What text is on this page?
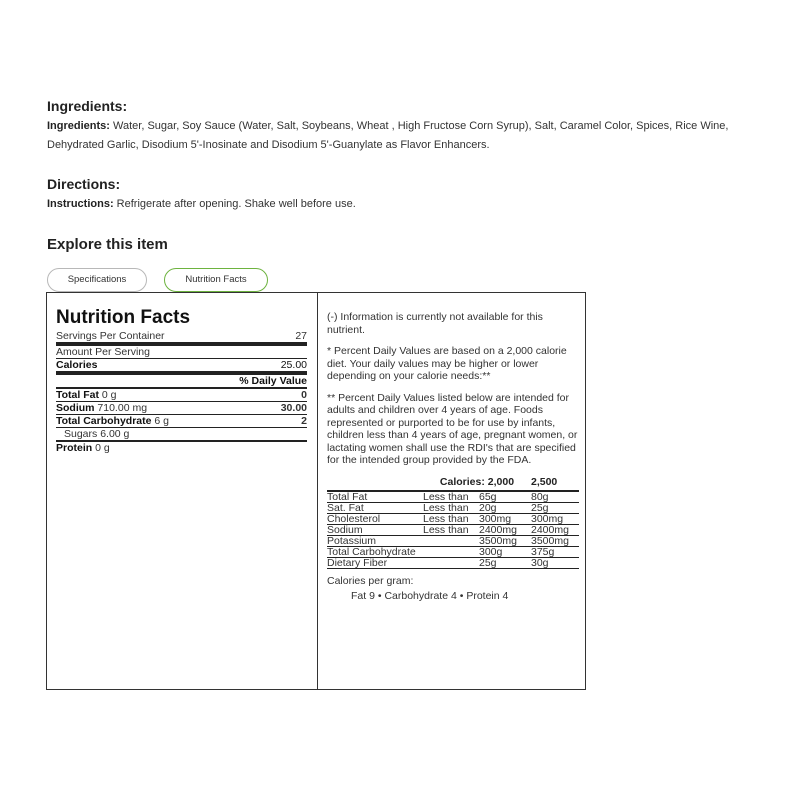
Ingredients:
Ingredients: Water, Sugar, Soy Sauce (Water, Salt, Soybeans, Wheat , High Fructose Corn Syrup), Salt, Caramel Color, Spices, Rice Wine, Dehydrated Garlic, Disodium 5'-Inosinate and Disodium 5'-Guanylate as Flavor Enhancers.
Directions:
Instructions: Refrigerate after opening. Shake well before use.
Explore this item
Specifications	Nutrition Facts
Nutrition Facts
Servings Per Container	27
Amount Per Serving
Calories	25.00
% Daily Value
Total Fat 0 g	0
Sodium 710.00 mg	30.00
Total Carbohydrate 6 g	2
Sugars 6.00 g
Protein 0 g

(-) Information is currently not available for this nutrient.

* Percent Daily Values are based on a 2,000 calorie diet. Your daily values may be higher or lower depending on your calorie needs:**

** Percent Daily Values listed below are intended for adults and children over 4 years of age. Foods represented or purported to be for use by infants, children less than 4 years of age, pregnant women, or lactating women shall use the RDI's that are specified for the intended group provided by the FDA.

	Calories: 2,000		2,500
Total Fat	Less than	65g	80g
Sat. Fat	Less than	20g	25g
Cholesterol	Less than	300mg	300mg
Sodium	Less than	2400mg	2400mg
Potassium		3500mg	3500mg
Total Carbohydrate		300g	375g
Dietary Fiber		25g	30g
Calories per gram:
Fat 9 • Carbohydrate 4 • Protein 4
